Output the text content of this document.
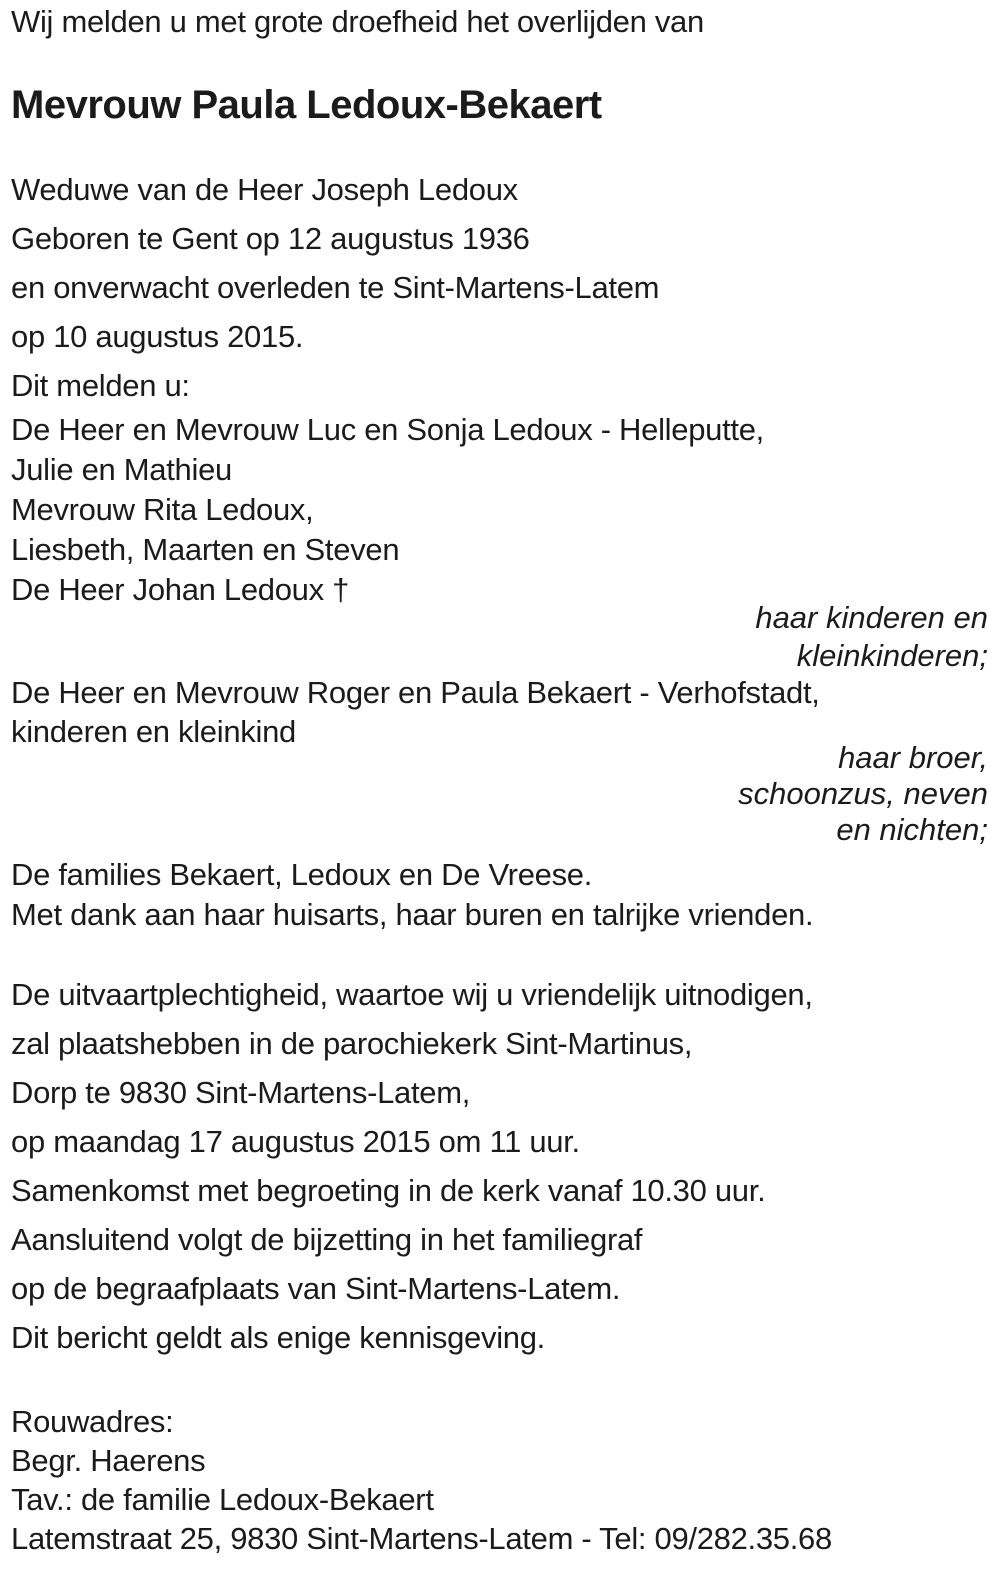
Wij melden u met grote droefheid het overlijden van
Mevrouw Paula Ledoux-Bekaert
Weduwe van de Heer Joseph Ledoux
Geboren te Gent op 12 augustus 1936
en onverwacht overleden te Sint-Martens-Latem
op 10 augustus 2015.
Dit melden u:
De Heer en Mevrouw Luc en Sonja Ledoux - Helleputte,
Julie en Mathieu
Mevrouw Rita Ledoux,
Liesbeth, Maarten en Steven
De Heer Johan Ledoux †
haar kinderen en
kleinkinderen;
De Heer en Mevrouw Roger en Paula Bekaert - Verhofstadt,
kinderen en kleinkind
haar broer,
schoonzus, neven
en nichten;
De families Bekaert, Ledoux en De Vreese.
Met dank aan haar huisarts, haar buren en talrijke vrienden.
De uitvaartplechtigheid, waartoe wij u vriendelijk uitnodigen,
zal plaatshebben in de parochiekerk Sint-Martinus,
Dorp te 9830 Sint-Martens-Latem,
op maandag 17 augustus 2015 om 11 uur.
Samenkomst met begroeting in de kerk vanaf 10.30 uur.
Aansluitend volgt de bijzetting in het familiegraf
op de begraafplaats van Sint-Martens-Latem.
Dit bericht geldt als enige kennisgeving.
Rouwadres:
Begr. Haerens
Tav.: de familie Ledoux-Bekaert
Latemstraat 25, 9830 Sint-Martens-Latem - Tel: 09/282.35.68
